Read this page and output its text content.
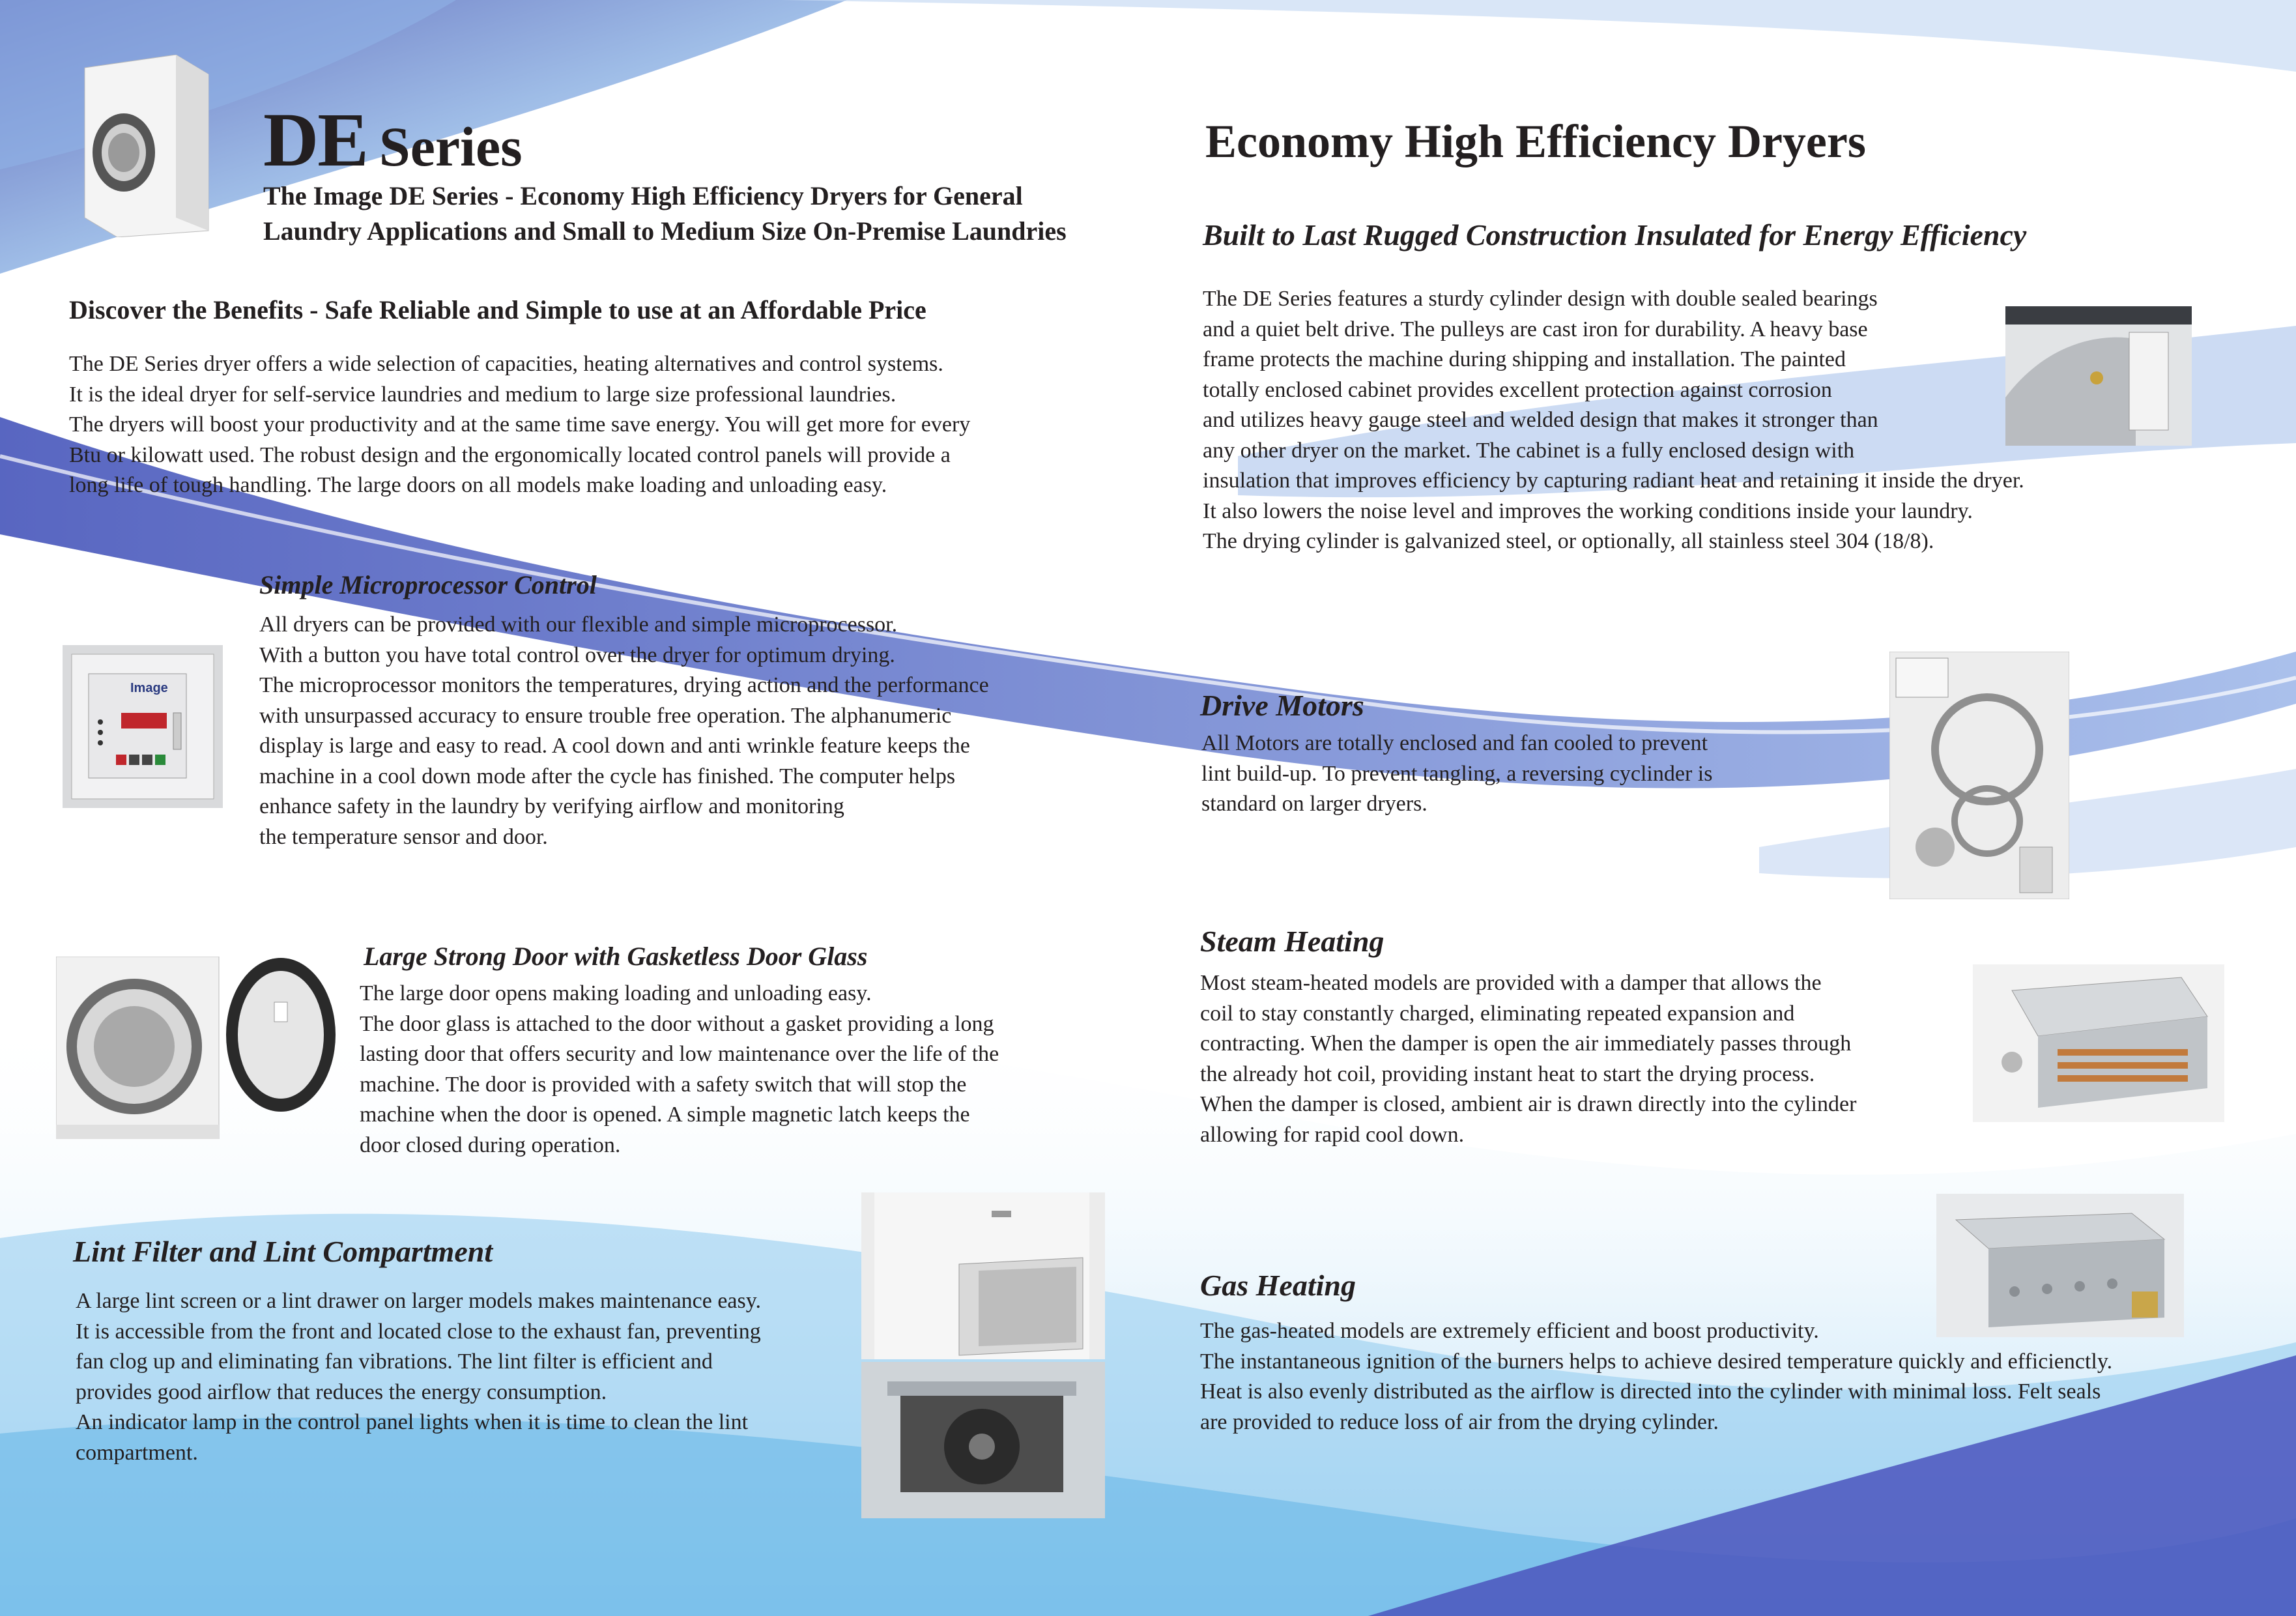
DE Series
The Image DE Series - Economy High Efficiency Dryers for General
Laundry Applications and Small to Medium Size On-Premise Laundries
Economy High Efficiency Dryers
Discover the Benefits - Safe Reliable and Simple to use at an Affordable Price
The DE Series dryer offers a wide selection of capacities, heating alternatives and control systems.
It is the ideal dryer for self-service laundries and medium to large size professional laundries.
The dryers will boost your productivity and at the same time save energy. You will get more for every
Btu or kilowatt used. The robust design and the ergonomically located control panels will provide a
long life of tough handling. The large doors on all models make loading and unloading easy.
Simple Microprocessor Control
Image
All dryers can be provided with our flexible and simple microprocessor.
With a button you have total control over the dryer for optimum drying.
The microprocessor monitors the temperatures, drying action and the performance
with unsurpassed accuracy to ensure trouble free operation. The alphanumeric
display is large and easy to read. A cool down and anti wrinkle feature keeps the
machine in a cool down mode after the cycle has finished. The computer helps
enhance safety in the laundry by verifying airflow and monitoring
the temperature sensor and door.
Large Strong Door with Gasketless Door Glass
The large door opens making loading and unloading easy.
The door glass is attached to the door without a gasket providing a long
lasting door that offers security and low maintenance over the life of the
machine. The door is provided with a safety switch that will stop the
machine when the door is opened. A simple magnetic latch keeps the
door closed during operation.
Lint Filter and Lint Compartment
A large lint screen or a lint drawer on larger models makes maintenance easy.
It is accessible from the front and located close to the exhaust fan, preventing
fan clog up and eliminating fan vibrations. The lint filter is efficient and
provides good airflow that reduces the energy consumption.
An indicator lamp in the control panel lights when it is time to clean the lint
compartment.
Built to Last Rugged Construction Insulated for Energy Efficiency
The DE Series features a sturdy cylinder design with double sealed bearings
and a quiet belt drive. The pulleys are cast iron for durability. A heavy base
frame protects the machine during shipping and installation. The painted
totally enclosed cabinet provides excellent protection against corrosion
and utilizes heavy gauge steel and welded design that makes it stronger than
any other dryer on the market. The cabinet is a fully enclosed design with
insulation that improves efficiency by capturing radiant heat and retaining it inside the dryer.
It also lowers the noise level and improves the working conditions inside your laundry.
The drying cylinder is galvanized steel, or optionally, all stainless steel 304 (18/8).
Drive Motors
All Motors are totally enclosed and fan cooled to prevent
lint build-up. To prevent tangling, a reversing cyclinder is
standard on larger dryers.
Steam Heating
Most steam-heated models are provided with a damper that allows the
coil to stay constantly charged, eliminating repeated expansion and
contracting. When the damper is open the air immediately passes through
the already hot coil, providing instant heat to start the drying process.
When the damper is closed, ambient air is drawn directly into the cylinder
allowing for rapid cool down.
Gas Heating
The gas-heated models are extremely efficient and boost productivity.
The instantaneous ignition of the burners helps to achieve desired temperature quickly and efficienctly.
Heat is also evenly distributed as the airflow is directed into the cylinder with minimal loss. Felt seals
are provided to reduce loss of air from the drying cylinder.
